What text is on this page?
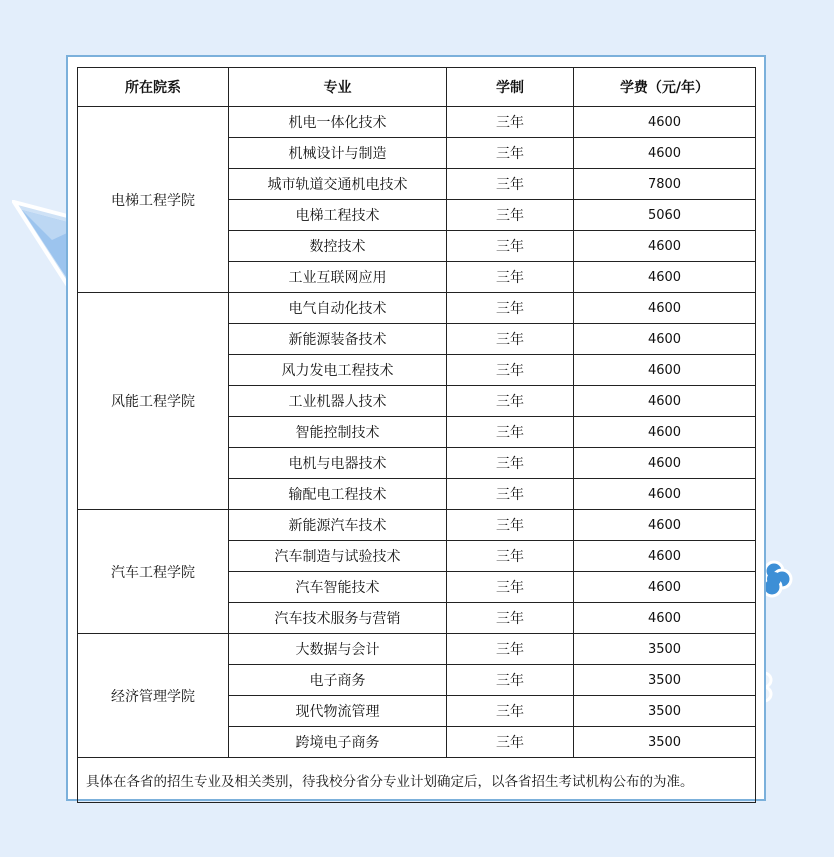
所在院系	专业	学制	学费（元/年）
电梯工程学院	机电一体化技术	三年	4600
	机械设计与制造	三年	4600
	城市轨道交通机电技术	三年	7800
	电梯工程技术	三年	5060
	数控技术	三年	4600
	工业互联网应用	三年	4600
风能工程学院	电气自动化技术	三年	4600
	新能源装备技术	三年	4600
	风力发电工程技术	三年	4600
	工业机器人技术	三年	4600
	智能控制技术	三年	4600
	电机与电器技术	三年	4600
	输配电工程技术	三年	4600
汽车工程学院	新能源汽车技术	三年	4600
	汽车制造与试验技术	三年	4600
	汽车智能技术	三年	4600
	汽车技术服务与营销	三年	4600
经济管理学院	大数据与会计	三年	3500
	电子商务	三年	3500
	现代物流管理	三年	3500
	跨境电子商务	三年	3500
具体在各省的招生专业及相关类别，待我校分省分专业计划确定后，以各省招生考试机构公布的为准。			
